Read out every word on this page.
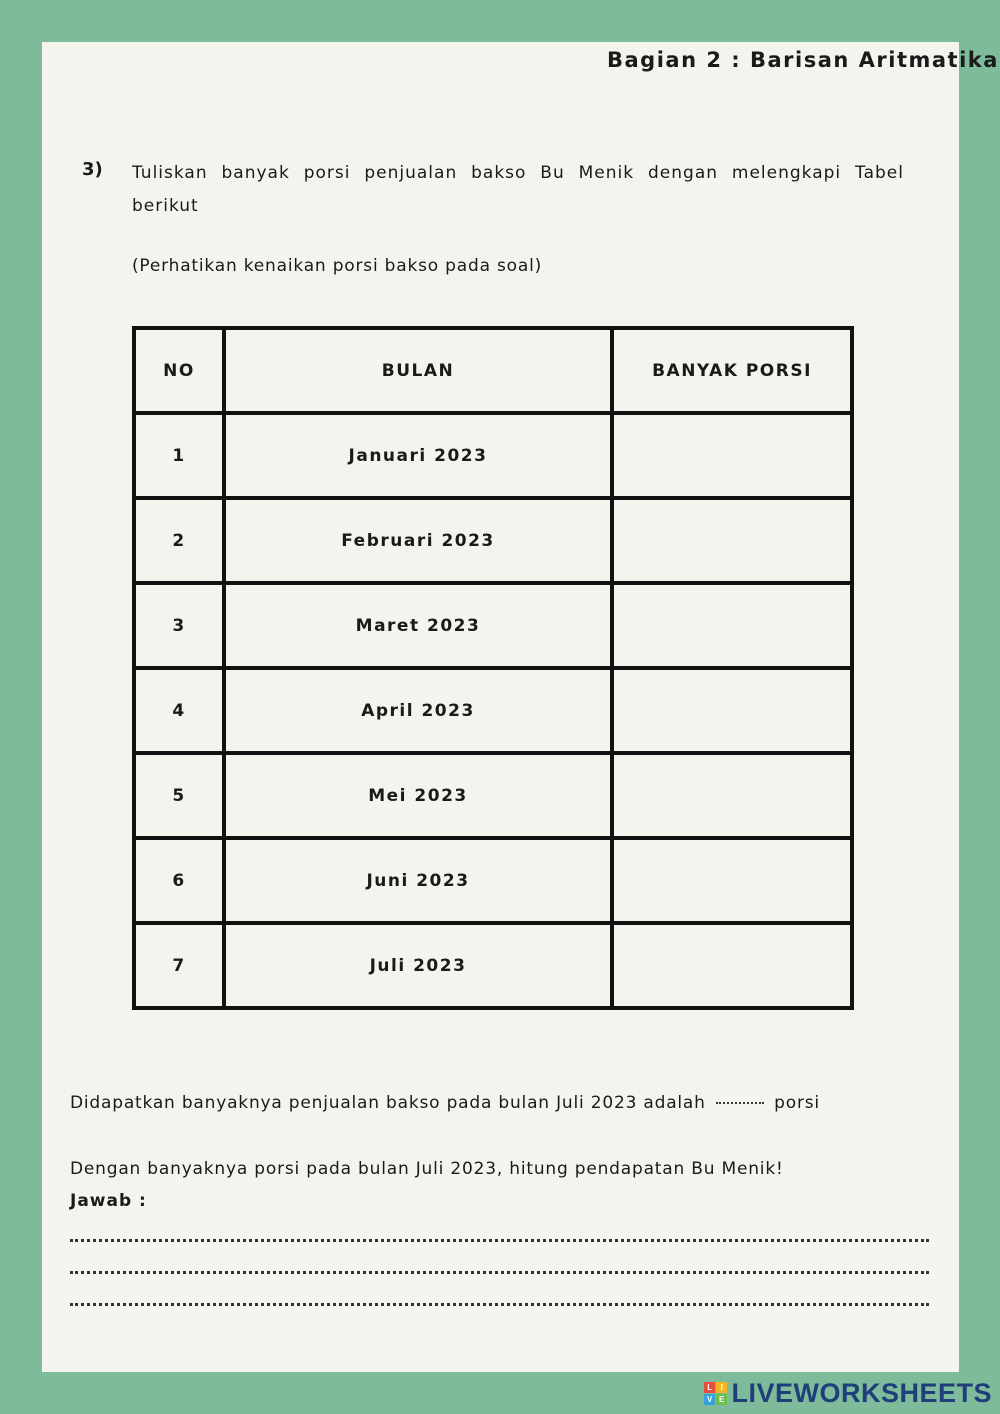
Bagian 2 : Barisan Aritmatika
3) Tuliskan banyak porsi penjualan bakso Bu Menik dengan melengkapi Tabel berikut
(Perhatikan kenaikan porsi bakso pada soal)
NO	BULAN	BANYAK PORSI
1	Januari 2023	
2	Februari 2023	
3	Maret 2023	
4	April 2023	
5	Mei 2023	
6	Juni 2023	
7	Juli 2023	
Didapatkan banyaknya penjualan bakso pada bulan Juli 2023 adalah	porsi
Dengan banyaknya porsi pada bulan Juli 2023, hitung pendapatan Bu Menik!
Jawab :
L I
V E LIVEWORKSHEETS
